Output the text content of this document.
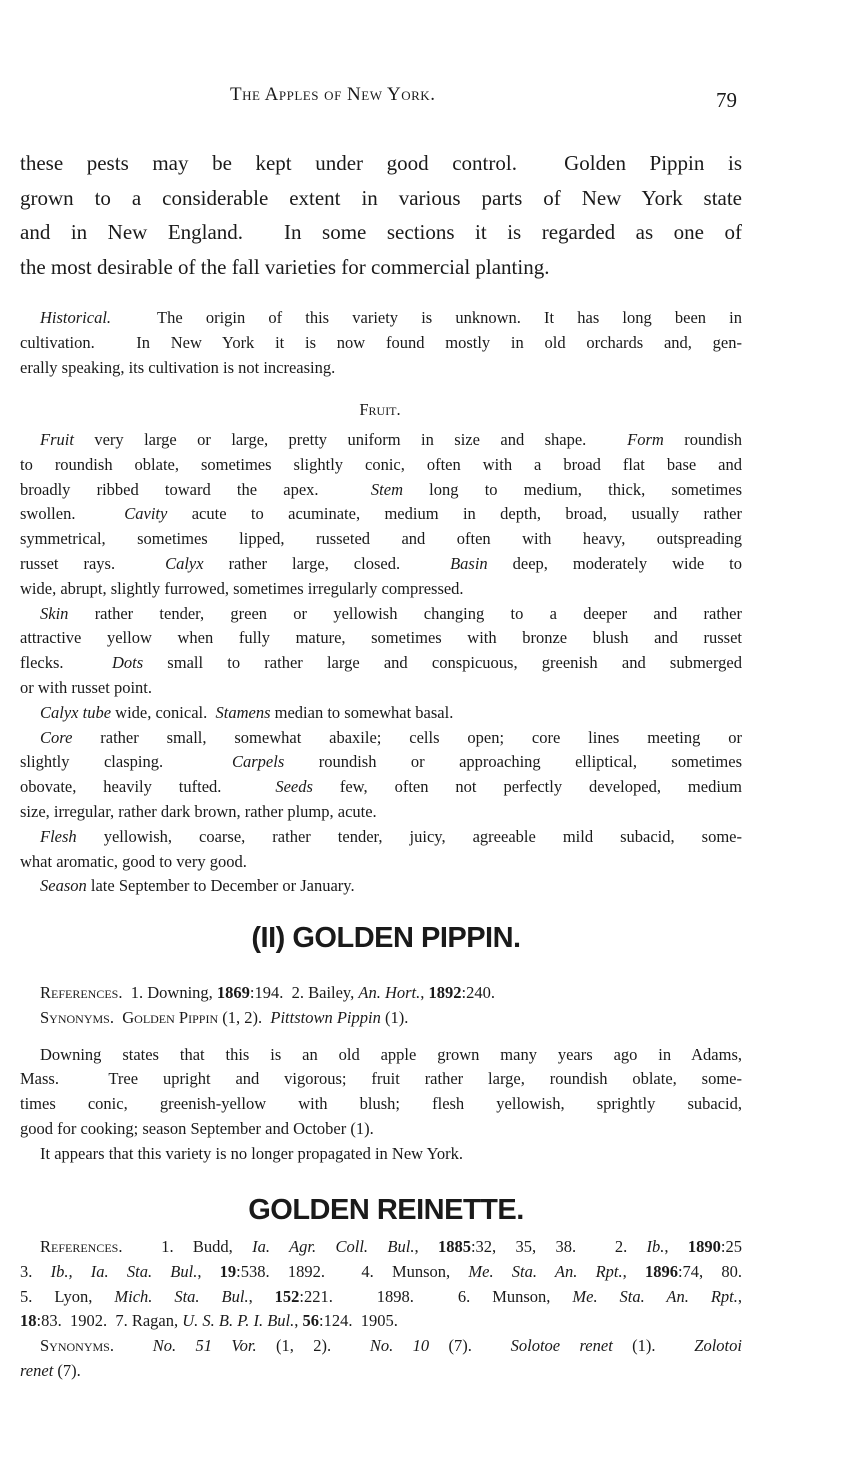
The Apples of New York.	79
these pests may be kept under good control.  Golden Pippin is
grown to a considerable extent in various parts of New York state
and in New England.  In some sections it is regarded as one of
the most desirable of the fall varieties for commercial planting.
Historical.  The origin of this variety is unknown. It has long been in
cultivation.  In New York it is now found mostly in old orchards and, gen-
erally speaking, its cultivation is not increasing.
Fruit.
Fruit very large or large, pretty uniform in size and shape.  Form roundish
to roundish oblate, sometimes slightly conic, often with a broad flat base and
broadly ribbed toward the apex.  Stem long to medium, thick, sometimes
swollen.  Cavity acute to acuminate, medium in depth, broad, usually rather
symmetrical, sometimes lipped, russeted and often with heavy, outspreading
russet rays.  Calyx rather large, closed.  Basin deep, moderately wide to
wide, abrupt, slightly furrowed, sometimes irregularly compressed.
Skin rather tender, green or yellowish changing to a deeper and rather
attractive yellow when fully mature, sometimes with bronze blush and russet
flecks.  Dots small to rather large and conspicuous, greenish and submerged
or with russet point.
Calyx tube wide, conical.  Stamens median to somewhat basal.
Core rather small, somewhat abaxile; cells open; core lines meeting or
slightly clasping.  Carpels roundish or approaching elliptical, sometimes
obovate, heavily tufted.  Seeds few, often not perfectly developed, medium
size, irregular, rather dark brown, rather plump, acute.
Flesh yellowish, coarse, rather tender, juicy, agreeable mild subacid, some-
what aromatic, good to very good.
Season late September to December or January.
(II) GOLDEN PIPPIN.
References.  1. Downing, 1869:194.  2. Bailey, An. Hort., 1892:240.
Synonyms. Golden Pippin (1, 2).  Pittstown Pippin (1).
Downing states that this is an old apple grown many years ago in Adams,
Mass.  Tree upright and vigorous; fruit rather large, roundish oblate, some-
times conic, greenish-yellow with blush; flesh yellowish, sprightly subacid,
good for cooking; season September and October (1).
It appears that this variety is no longer propagated in New York.
GOLDEN REINETTE.
References.  1. Budd, Ia. Agr. Coll. Bul., 1885:32, 35, 38.  2. Ib., 1890:25
3. Ib., Ia. Sta. Bul., 19:538. 1892.  4. Munson, Me. Sta. An. Rpt., 1896:74, 80.
5. Lyon, Mich. Sta. Bul., 152:221.  1898.  6. Munson, Me. Sta. An. Rpt.,
18:83.  1902.  7. Ragan, U. S. B. P. I. Bul., 56:124.  1905.
Synonyms. No. 51 Vor. (1, 2).  No. 10 (7).  Solotoe renet (1).  Zolotoi
renet (7).
